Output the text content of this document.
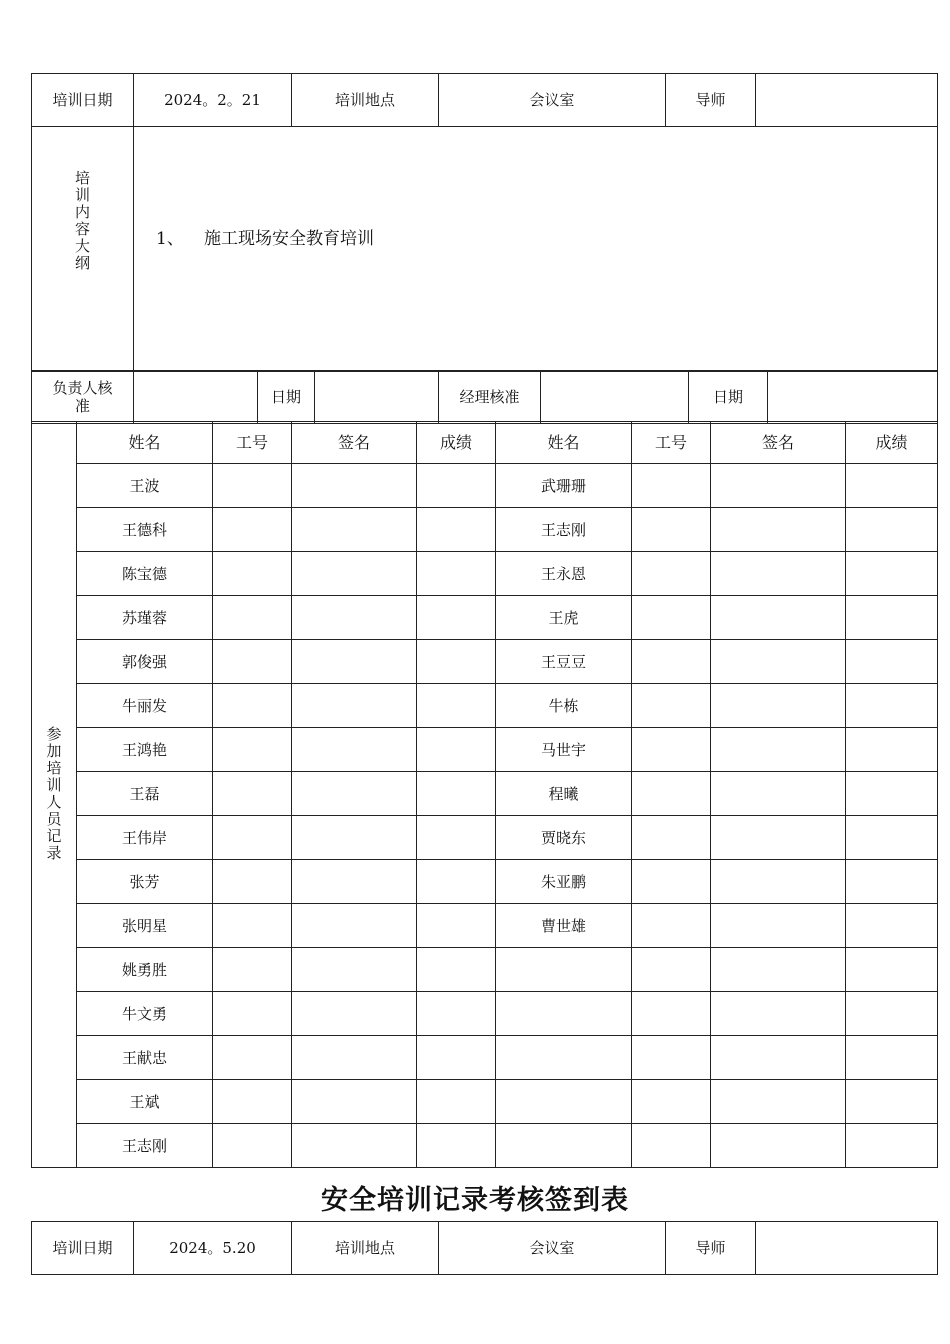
培训日期	2024。2。21	培训地点	会议室	导师	
培训内容大纲	
1、 施工现场安全教育培训
负责人核准		日期		经理核准		日期	
参加培训人员记录	姓名	工号	签名	成绩	姓名	工号	签名	成绩
	王波				武珊珊			
	王德科				王志刚			
	陈宝德				王永恩			
	苏瑾蓉				王虎			
	郭俊强				王豆豆			
	牛丽发				牛栋			
	王鸿艳				马世宇			
	王磊				程曦			
	王伟岸				贾晓东			
	张芳				朱亚鹏			
	张明星				曹世雄			
	姚勇胜							
	牛文勇							
	王献忠							
	王斌							
	王志刚							
安全培训记录考核签到表
培训日期	2024。5.20	培训地点	会议室	导师	
